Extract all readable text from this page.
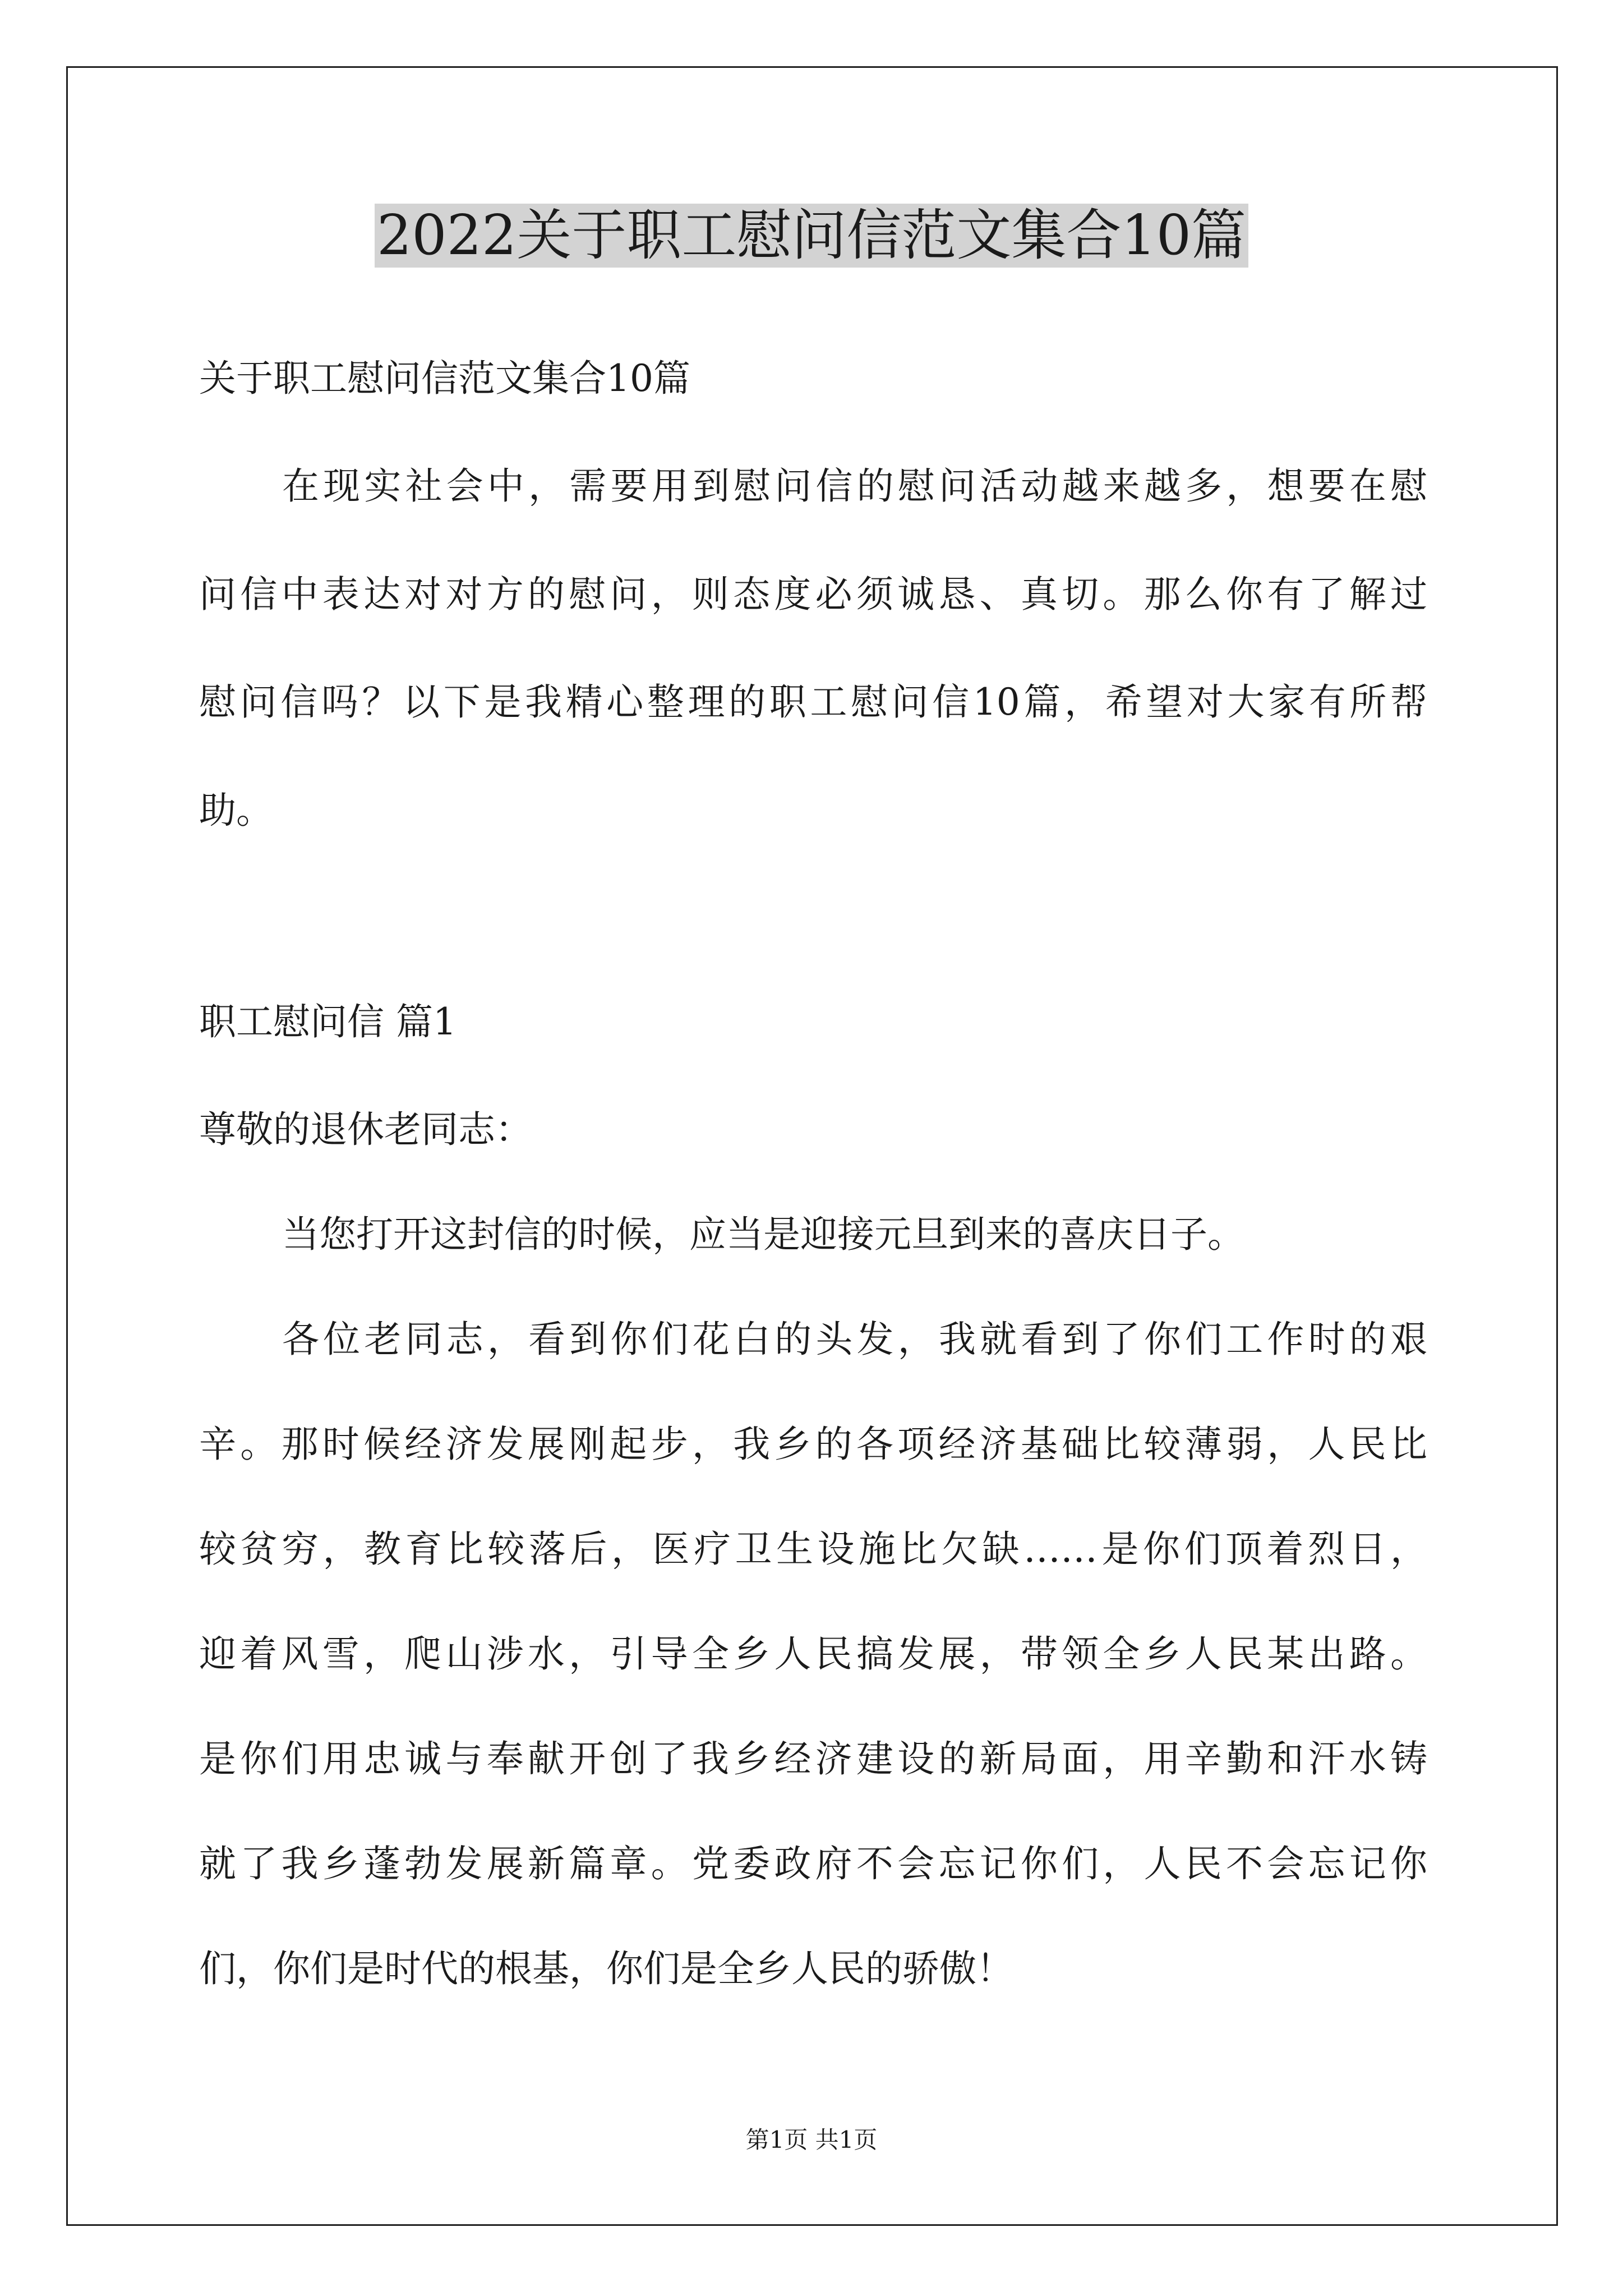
2022关于职工慰问信范文集合10篇
关于职工慰问信范文集合10篇
在现实社会中，需要用到慰问信的慰问活动越来越多，想要在慰
问信中表达对对方的慰问，则态度必须诚恳、真切。那么你有了解过
慰问信吗？以下是我精心整理的职工慰问信10篇，希望对大家有所帮
助。
职工慰问信 篇1
尊敬的退休老同志：
当您打开这封信的时候，应当是迎接元旦到来的喜庆日子。
各位老同志，看到你们花白的头发，我就看到了你们工作时的艰
辛。那时候经济发展刚起步，我乡的各项经济基础比较薄弱，人民比
较贫穷，教育比较落后，医疗卫生设施比欠缺……是你们顶着烈日，
迎着风雪，爬山涉水，引导全乡人民搞发展，带领全乡人民某出路。
是你们用忠诚与奉献开创了我乡经济建设的新局面，用辛勤和汗水铸
就了我乡蓬勃发展新篇章。党委政府不会忘记你们，人民不会忘记你
们，你们是时代的根基，你们是全乡人民的骄傲！
第1页 共1页
